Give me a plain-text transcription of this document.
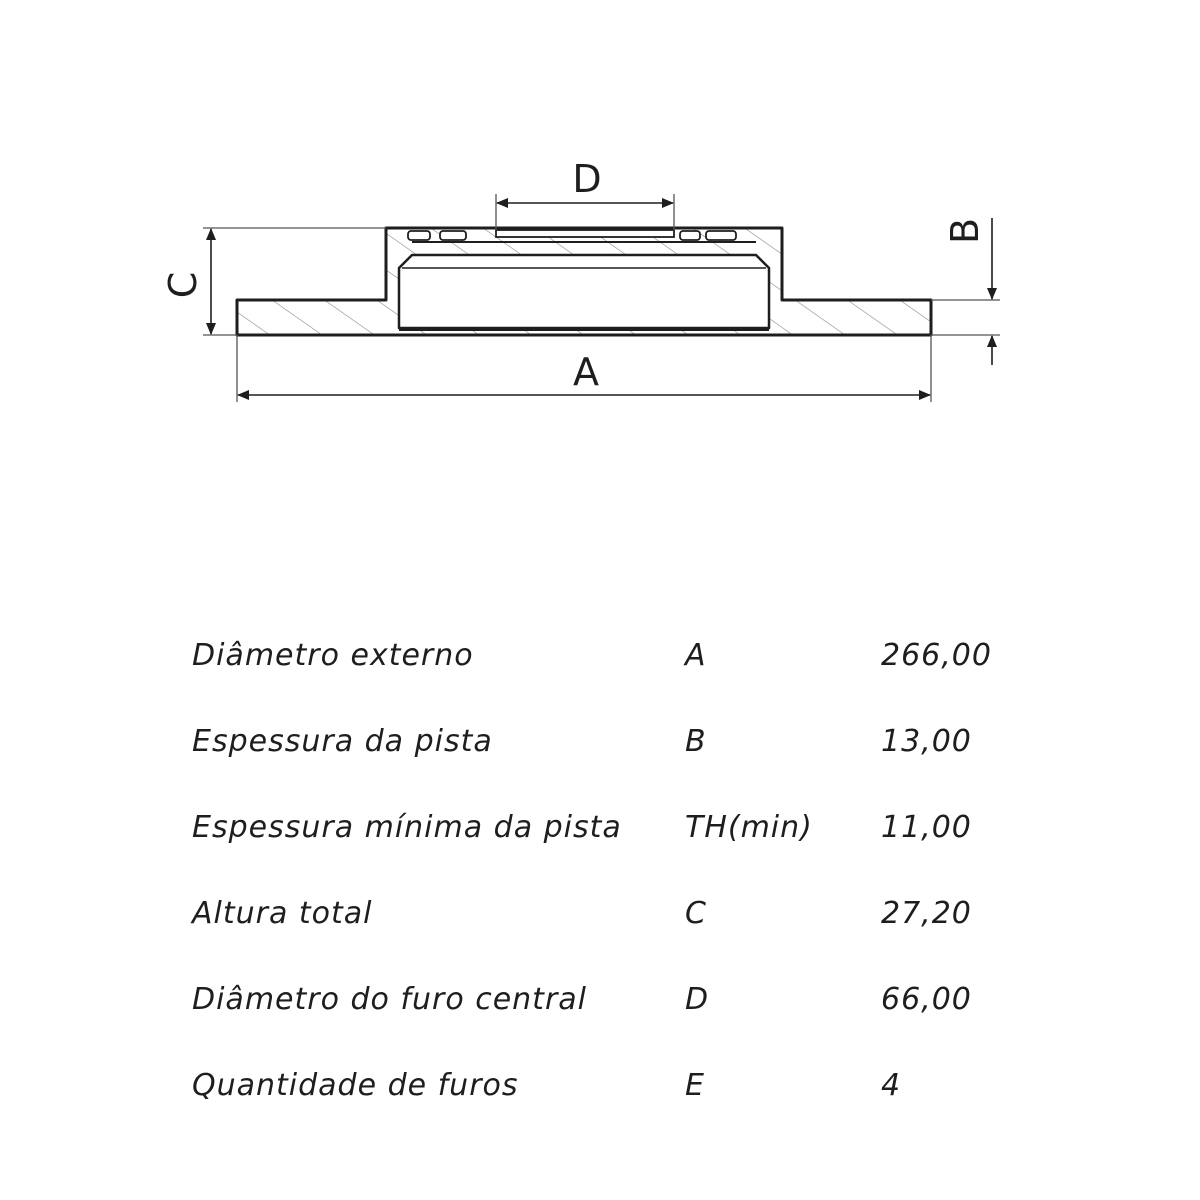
A
D
C
B
Diâmetro externo	A	266,00
Espessura da pista	B	13,00
Espessura mínima da pista	TH(min)	11,00
Altura total	C	27,20
Diâmetro do furo central	D	66,00
Quantidade de furos	E	4
